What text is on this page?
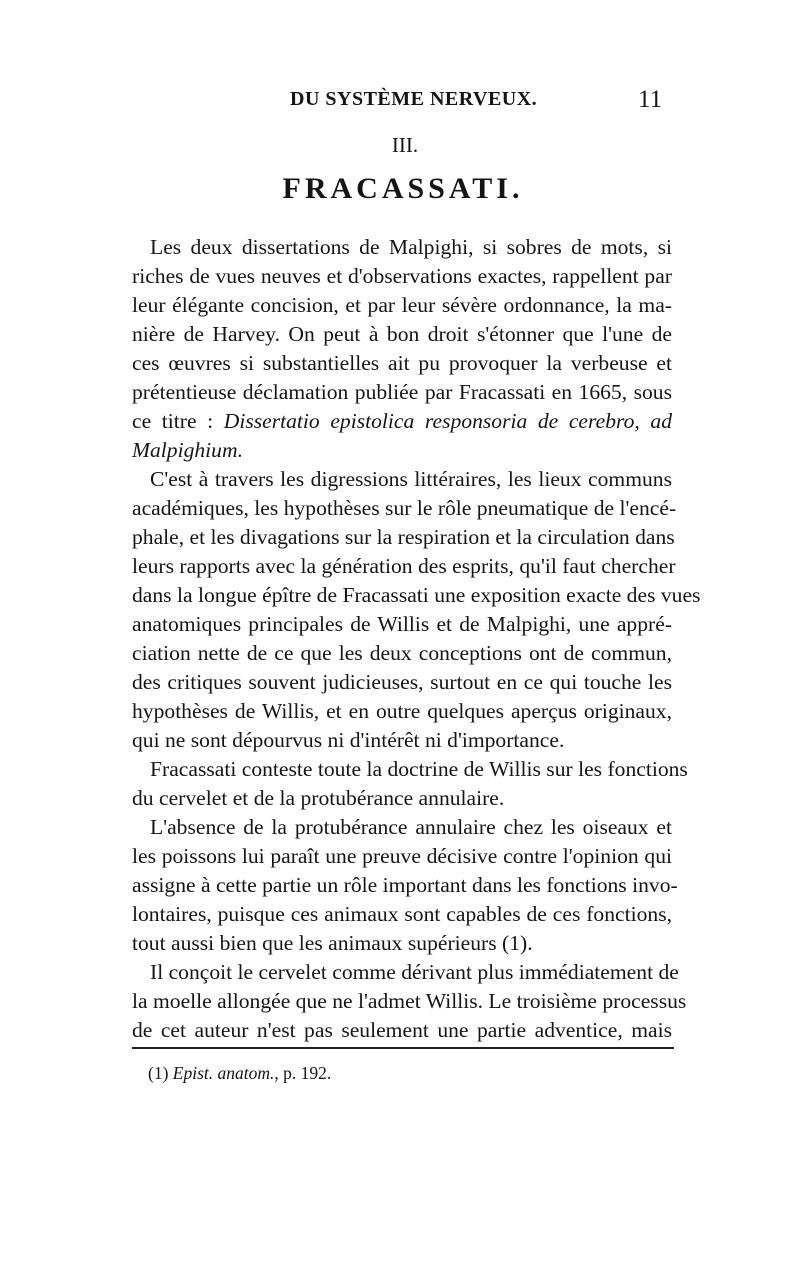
DU SYSTÈME NERVEUX.	11
III.
FRACASSATI.
Les deux dissertations de Malpighi, si sobres de mots, si
riches de vues neuves et d'observations exactes, rappellent par
leur élégante concision, et par leur sévère ordonnance, la ma-
nière de Harvey. On peut à bon droit s'étonner que l'une de
ces œuvres si substantielles ait pu provoquer la verbeuse et
prétentieuse déclamation publiée par Fracassati en 1665, sous
ce titre : Dissertatio epistolica responsoria de cerebro, ad
Malpighium.
C'est à travers les digressions littéraires, les lieux communs
académiques, les hypothèses sur le rôle pneumatique de l'encé-
phale, et les divagations sur la respiration et la circulation dans
leurs rapports avec la génération des esprits, qu'il faut chercher
dans la longue épître de Fracassati une exposition exacte des vues
anatomiques principales de Willis et de Malpighi, une appré-
ciation nette de ce que les deux conceptions ont de commun,
des critiques souvent judicieuses, surtout en ce qui touche les
hypothèses de Willis, et en outre quelques aperçus originaux,
qui ne sont dépourvus ni d'intérêt ni d'importance.
Fracassati conteste toute la doctrine de Willis sur les fonctions
du cervelet et de la protubérance annulaire.
L'absence de la protubérance annulaire chez les oiseaux et
les poissons lui paraît une preuve décisive contre l'opinion qui
assigne à cette partie un rôle important dans les fonctions invo-
lontaires, puisque ces animaux sont capables de ces fonctions,
tout aussi bien que les animaux supérieurs (1).
Il conçoit le cervelet comme dérivant plus immédiatement de
la moelle allongée que ne l'admet Willis. Le troisième processus
de cet auteur n'est pas seulement une partie adventice, mais
(1) Epist. anatom., p. 192.
